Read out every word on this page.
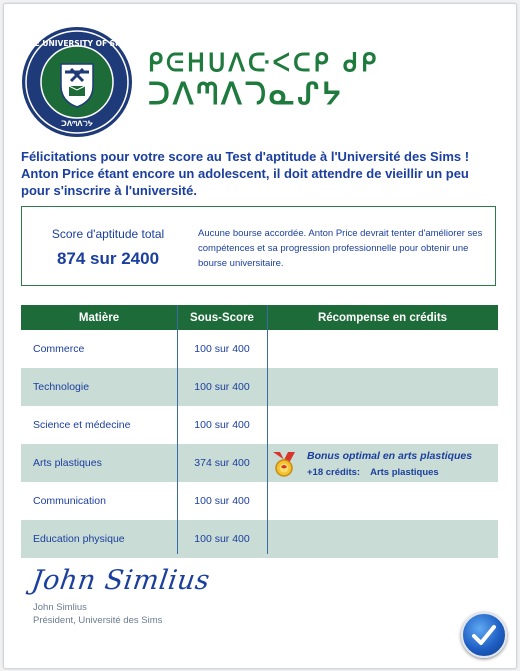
THE UNIVERSITY OF SIMS
ᑐᐱᘉᐱᘄᔭ
ᑭᕮᕼᑌᐱᑢᐸᑕᑭ ᑯᑭ
ᑐᐱᘉᐱᘄᓇᔑᔭ
Félicitations pour votre score au Test d'aptitude à l'Université des Sims ! Anton Price étant encore un adolescent, il doit attendre de vieillir un peu pour s'inscrire à l'université.
Score d'aptitude total
874 sur 2400
Aucune bourse accordée. Anton Price devrait tenter d'améliorer ses compétences et sa progression professionnelle pour obtenir une bourse universitaire.
Matière	Sous-Score	Récompense en crédits
Commerce	100 sur 400
Technologie	100 sur 400
Science et médecine	100 sur 400
Arts plastiques	374 sur 400
Bonus optimal en arts plastiques
+18 crédits: Arts plastiques
Communication	100 sur 400
Education physique	100 sur 400
John Simlius
John Simlius
Président, Université des Sims
